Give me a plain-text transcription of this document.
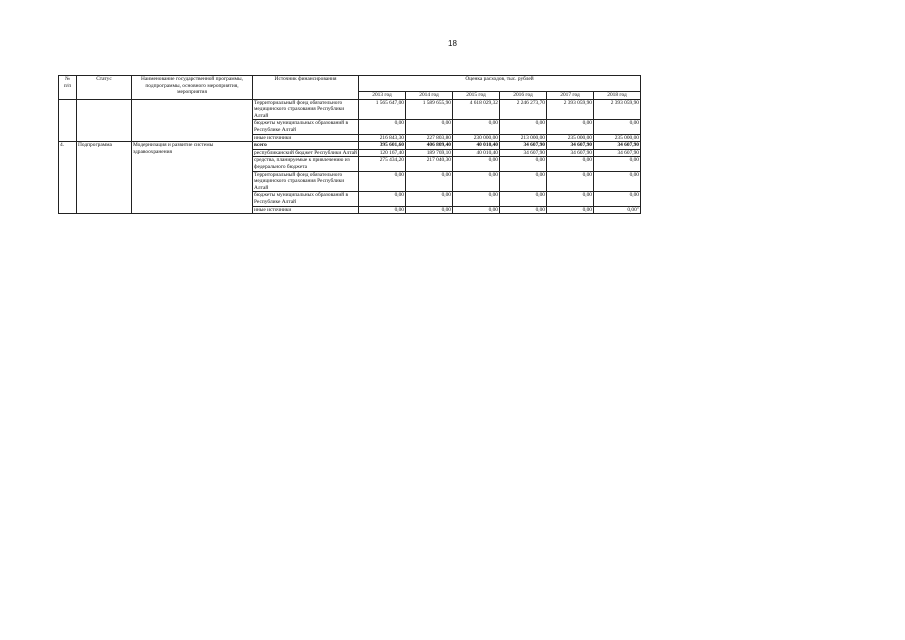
18
№
п/п	Статус	Наименование государственной программы, подпрограммы, основного мероприятия, мероприятия	Источник финансирования	Оценка расходов, тыс. рублей					
				2013 год	2014 год	2015 год	2016 год	2017 год	2018 год
			Территориальный фонд обязательного медицинского страхования Республики Алтай	1 565 647,00	1 589 655,90	4 618 029,32	2 246 273,70	2 393 059,90	2 393 059,90
			бюджеты муниципальных образований в Республике Алтай	0,00	0,00	0,00	0,00	0,00	0,00
			иные источники	216 843,30	227 803,80	230 000,00	213 000,00	235 000,00	235 000,00
4.	Подпрограмма	Модернизация и развитие системы здравоохранения	всего	395 601,60	406 809,40	40 010,40	34 607,90	34 607,90	34 607,90
			республиканский бюджет Республики Алтай	120 167,40	189 769,10	40 010,40	34 607,90	34 607,90	34 607,90
			средства, планируемые к привлечению из федерального бюджета	275 434,20	217 040,30	0,00	0,00	0,00	0,00
			Территориальный фонд обязательного медицинского страхования Республики Алтай	0,00	0,00	0,00	0,00	0,00	0,00
			бюджеты муниципальных образований в Республике Алтай	0,00	0,00	0,00	0,00	0,00	0,00
			иные источники	0,00	0,00	0,00	0,00	0,00	0,00"
